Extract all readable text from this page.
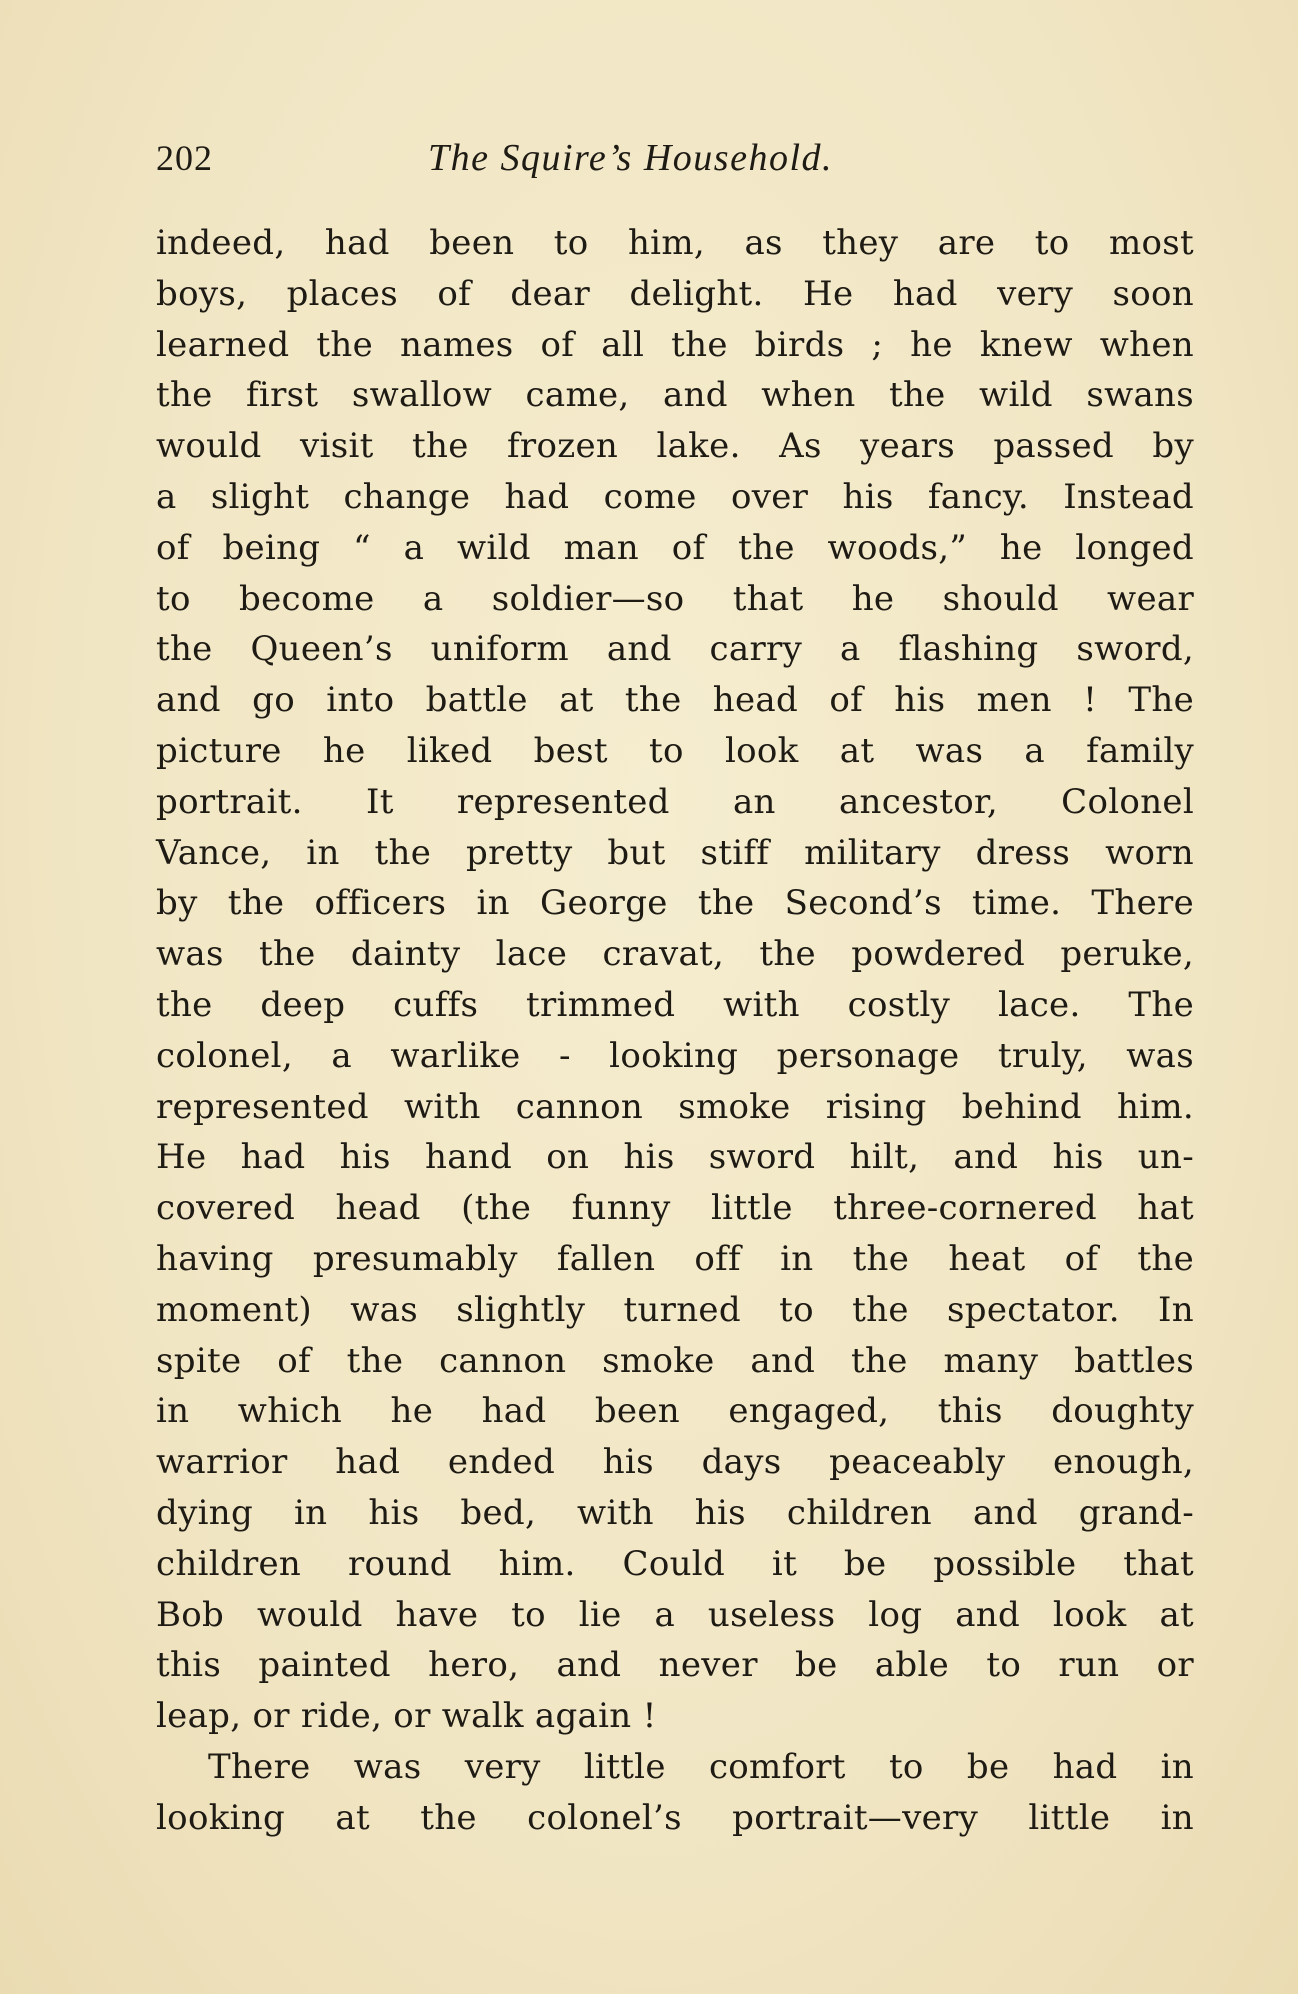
202	The Squire’s Household.
indeed, had been to him, as they are to most
boys, places of dear delight. He had very soon
learned the names of all the birds ; he knew when
the first swallow came, and when the wild swans
would visit the frozen lake. As years passed by
a slight change had come over his fancy. Instead
of being “ a wild man of the woods,” he longed
to become a soldier—so that he should wear
the Queen’s uniform and carry a flashing sword,
and go into battle at the head of his men ! The
picture he liked best to look at was a family
portrait. It represented an ancestor, Colonel
Vance, in the pretty but stiff military dress worn
by the officers in George the Second’s time. There
was the dainty lace cravat, the powdered peruke,
the deep cuffs trimmed with costly lace. The
colonel, a warlike - looking personage truly, was
represented with cannon smoke rising behind him.
He had his hand on his sword hilt, and his un-
covered head (the funny little three-cornered hat
having presumably fallen off in the heat of the
moment) was slightly turned to the spectator. In
spite of the cannon smoke and the many battles
in which he had been engaged, this doughty
warrior had ended his days peaceably enough,
dying in his bed, with his children and grand-
children round him. Could it be possible that
Bob would have to lie a useless log and look at
this painted hero, and never be able to run or
leap, or ride, or walk again !
There was very little comfort to be had in
looking at the colonel’s portrait—very little in
